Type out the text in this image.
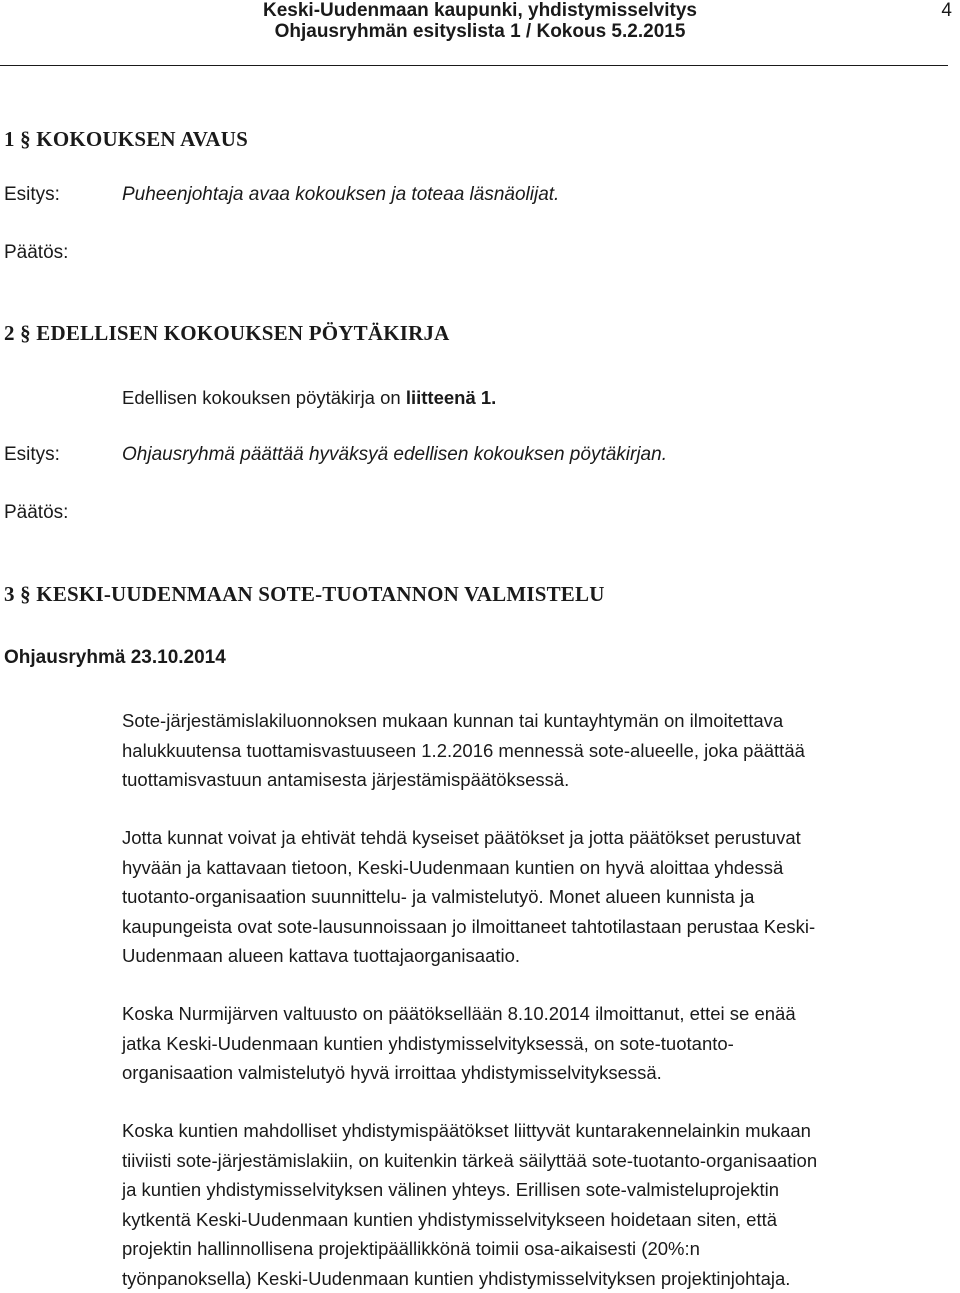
Keski-Uudenmaan kaupunki, yhdistymisselvitys
Ohjausryhmän esityslista 1 / Kokous 5.2.2015
4
1 § KOKOUKSEN AVAUS
Esitys:	Puheenjohtaja avaa kokouksen ja toteaa läsnäolijat.
Päätös:
2 § EDELLISEN KOKOUKSEN PÖYTÄKIRJA
Edellisen kokouksen pöytäkirja on liitteenä 1.
Esitys:	Ohjausryhmä päättää hyväksyä edellisen kokouksen pöytäkirjan.
Päätös:
3 § KESKI-UUDENMAAN SOTE-TUOTANNON VALMISTELU
Ohjausryhmä 23.10.2014
Sote-järjestämislakiluonnoksen mukaan kunnan tai kuntayhtymän on ilmoitettava
halukkuutensa tuottamisvastuuseen 1.2.2016 mennessä sote-alueelle, joka päättää
tuottamisvastuun antamisesta järjestämispäätöksessä.
Jotta kunnat voivat ja ehtivät tehdä kyseiset päätökset ja jotta päätökset perustuvat
hyvään ja kattavaan tietoon, Keski-Uudenmaan kuntien on hyvä aloittaa yhdessä
tuotanto-organisaation suunnittelu- ja valmistelutyö. Monet alueen kunnista ja
kaupungeista ovat sote-lausunnoissaan jo ilmoittaneet tahtotilastaan perustaa Keski-
Uudenmaan alueen kattava tuottajaorganisaatio.
Koska Nurmijärven valtuusto on päätöksellään 8.10.2014 ilmoittanut, ettei se enää
jatka Keski-Uudenmaan kuntien yhdistymisselvityksessä, on sote-tuotanto-
organisaation valmistelutyö hyvä irroittaa yhdistymisselvityksessä.
Koska kuntien mahdolliset yhdistymispäätökset liittyvät kuntarakennelainkin mukaan
tiiviisti sote-järjestämislakiin, on kuitenkin tärkeä säilyttää sote-tuotanto-organisaation
ja kuntien yhdistymisselvityksen välinen yhteys. Erillisen sote-valmisteluprojektin
kytkentä Keski-Uudenmaan kuntien yhdistymisselvitykseen hoidetaan siten, että
projektin hallinnollisena projektipäällikkönä toimii osa-aikaisesti (20%:n
työnpanoksella) Keski-Uudenmaan kuntien yhdistymisselvityksen projektinjohtaja.
